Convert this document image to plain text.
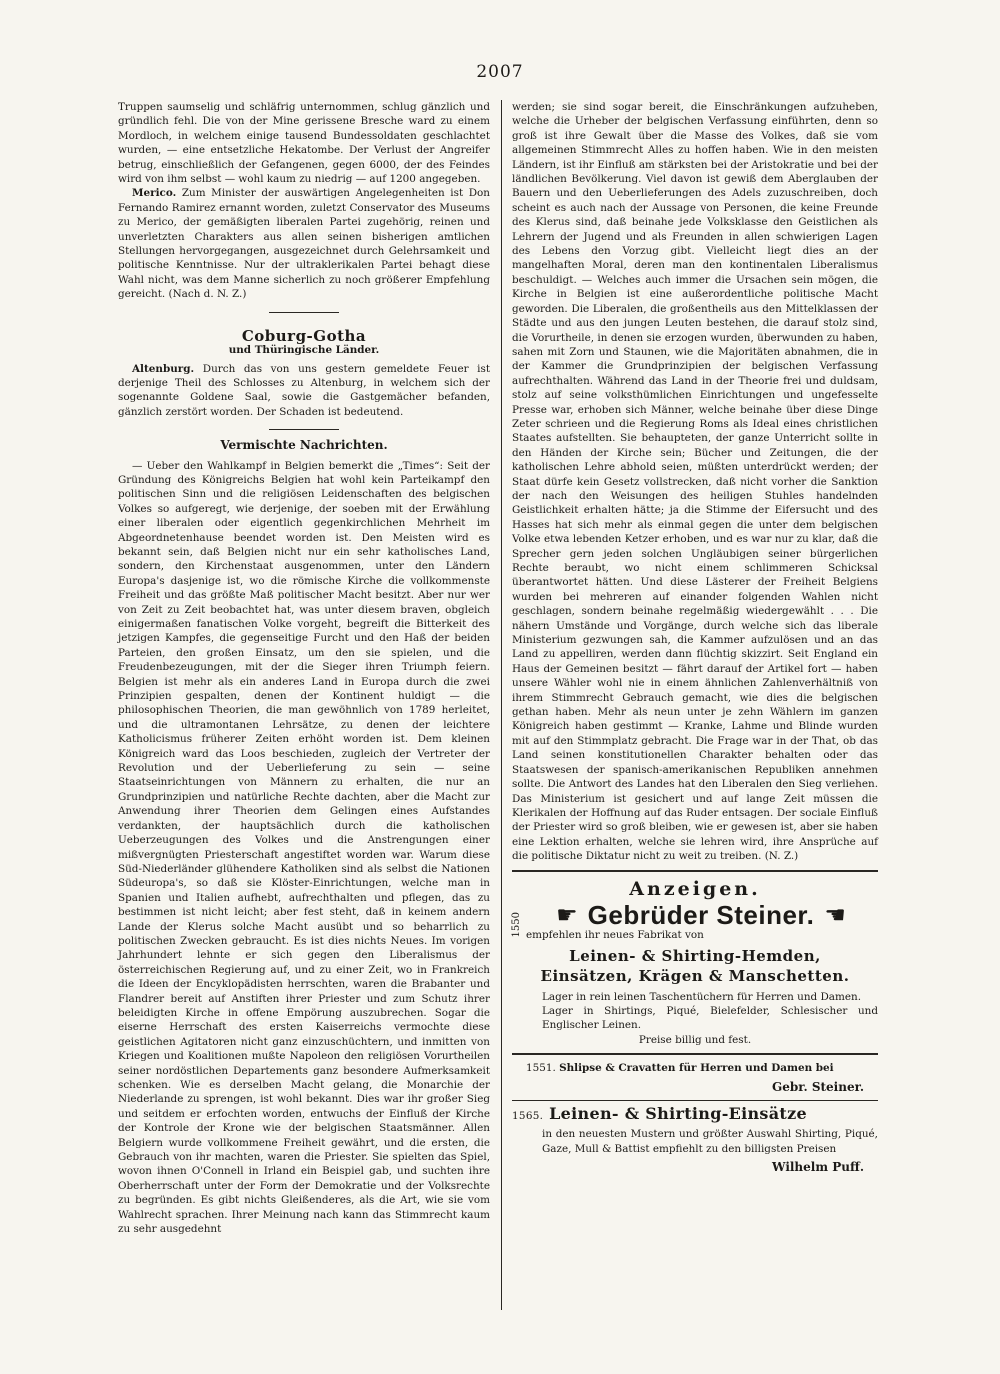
2007

Truppen saumselig und schläfrig unternommen, schlug gänzlich und gründlich fehl. Die von der Mine gerissene Bresche ward zu einem Mordloch, in welchem einige tausend Bundessoldaten geschlachtet wurden, — eine entsetzliche Hekatombe. Der Verlust der Angreifer betrug, einschließlich der Gefangenen, gegen 6000, der des Feindes wird von ihm selbst — wohl kaum zu niedrig — auf 1200 angegeben.

Merico. Zum Minister der auswärtigen Angelegenheiten ist Don Fernando Ramirez ernannt worden, zuletzt Conservator des Museums zu Merico, der gemäßigten liberalen Partei zugehörig, reinen und unverletzten Charakters aus allen seinen bisherigen amtlichen Stellungen hervorgegangen, ausgezeichnet durch Gelehrsamkeit und politische Kenntnisse. Nur der ultraklerikalen Partei behagt diese Wahl nicht, was dem Manne sicherlich zu noch größerer Empfehlung gereicht. (Nach d. N. Z.)

Coburg-Gotha
und Thüringische Länder.

Altenburg. Durch das von uns gestern gemeldete Feuer ist derjenige Theil des Schlosses zu Altenburg, in welchem sich der sogenannte Goldene Saal, sowie die Gastgemächer befanden, gänzlich zerstört worden. Der Schaden ist bedeutend.

Vermischte Nachrichten.

— Ueber den Wahlkampf in Belgien bemerkt die „Times“: Seit der Gründung des Königreichs Belgien hat wohl kein Parteikampf den politischen Sinn und die religiösen Leidenschaften des belgischen Volkes so aufgeregt, wie derjenige, der soeben mit der Erwählung einer liberalen oder eigentlich gegenkirchlichen Mehrheit im Abgeordnetenhause beendet worden ist. Den Meisten wird es bekannt sein, daß Belgien nicht nur ein sehr katholisches Land, sondern, den Kirchenstaat ausgenommen, unter den Ländern Europa's dasjenige ist, wo die römische Kirche die vollkommenste Freiheit und das größte Maß politischer Macht besitzt. Aber nur wer von Zeit zu Zeit beobachtet hat, was unter diesem braven, obgleich einigermaßen fanatischen Volke vorgeht, begreift die Bitterkeit des jetzigen Kampfes, die gegenseitige Furcht und den Haß der beiden Parteien, den großen Einsatz, um den sie spielen, und die Freudenbezeugungen, mit der die Sieger ihren Triumph feiern. Belgien ist mehr als ein anderes Land in Europa durch die zwei Prinzipien gespalten, denen der Kontinent huldigt — die philosophischen Theorien, die man gewöhnlich von 1789 herleitet, und die ultramontanen Lehrsätze, zu denen der leichtere Katholicismus früherer Zeiten erhöht worden ist. Dem kleinen Königreich ward das Loos beschieden, zugleich der Vertreter der Revolution und der Ueberlieferung zu sein — seine Staatseinrichtungen von Männern zu erhalten, die nur an Grundprinzipien und natürliche Rechte dachten, aber die Macht zur Anwendung ihrer Theorien dem Gelingen eines Aufstandes verdankten, der hauptsächlich durch die katholischen Ueberzeugungen des Volkes und die Anstrengungen einer mißvergnügten Priesterschaft angestiftet worden war. Warum diese Süd-Niederländer glühendere Katholiken sind als selbst die Nationen Südeuropa's, so daß sie Klöster-Einrichtungen, welche man in Spanien und Italien aufhebt, aufrechthalten und pflegen, das zu bestimmen ist nicht leicht; aber fest steht, daß in keinem andern Lande der Klerus solche Macht ausübt und so beharrlich zu politischen Zwecken gebraucht. Es ist dies nichts Neues. Im vorigen Jahrhundert lehnte er sich gegen den Liberalismus der österreichischen Regierung auf, und zu einer Zeit, wo in Frankreich die Ideen der Encyklopädisten herrschten, waren die Brabanter und Flandrer bereit auf Anstiften ihrer Priester und zum Schutz ihrer beleidigten Kirche in offene Empörung auszubrechen. Sogar die eiserne Herrschaft des ersten Kaiserreichs vermochte diese geistlichen Agitatoren nicht ganz einzuschüchtern, und inmitten von Kriegen und Koalitionen mußte Napoleon den religiösen Vorurtheilen seiner nordöstlichen Departements ganz besondere Aufmerksamkeit schenken. Wie es derselben Macht gelang, die Monarchie der Niederlande zu sprengen, ist wohl bekannt. Dies war ihr großer Sieg und seitdem er erfochten worden, entwuchs der Einfluß der Kirche der Kontrole der Krone wie der belgischen Staatsmänner. Allen Belgiern wurde vollkommene Freiheit gewährt, und die ersten, die Gebrauch von ihr machten, waren die Priester. Sie spielten das Spiel, wovon ihnen O'Connell in Irland ein Beispiel gab, und suchten ihre Oberherrschaft unter der Form der Demokratie und der Volksrechte zu begründen. Es gibt nichts Gleißenderes, als die Art, wie sie vom Wahlrecht sprachen. Ihrer Meinung nach kann das Stimmrecht kaum zu sehr ausgedehnt

werden; sie sind sogar bereit, die Einschränkungen aufzuheben, welche die Urheber der belgischen Verfassung einführten, denn so groß ist ihre Gewalt über die Masse des Volkes, daß sie vom allgemeinen Stimmrecht Alles zu hoffen haben. Wie in den meisten Ländern, ist ihr Einfluß am stärksten bei der Aristokratie und bei der ländlichen Bevölkerung. Viel davon ist gewiß dem Aberglauben der Bauern und den Ueberlieferungen des Adels zuzuschreiben, doch scheint es auch nach der Aussage von Personen, die keine Freunde des Klerus sind, daß beinahe jede Volksklasse den Geistlichen als Lehrern der Jugend und als Freunden in allen schwierigen Lagen des Lebens den Vorzug gibt. Vielleicht liegt dies an der mangelhaften Moral, deren man den kontinentalen Liberalismus beschuldigt. — Welches auch immer die Ursachen sein mögen, die Kirche in Belgien ist eine außerordentliche politische Macht geworden. Die Liberalen, die großentheils aus den Mittelklassen der Städte und aus den jungen Leuten bestehen, die darauf stolz sind, die Vorurtheile, in denen sie erzogen wurden, überwunden zu haben, sahen mit Zorn und Staunen, wie die Majoritäten abnahmen, die in der Kammer die Grundprinzipien der belgischen Verfassung aufrechthalten. Während das Land in der Theorie frei und duldsam, stolz auf seine volksthümlichen Einrichtungen und ungefesselte Presse war, erhoben sich Männer, welche beinahe über diese Dinge Zeter schrieen und die Regierung Roms als Ideal eines christlichen Staates aufstellten. Sie behaupteten, der ganze Unterricht sollte in den Händen der Kirche sein; Bücher und Zeitungen, die der katholischen Lehre abhold seien, müßten unterdrückt werden; der Staat dürfe kein Gesetz vollstrecken, daß nicht vorher die Sanktion der nach den Weisungen des heiligen Stuhles handelnden Geistlichkeit erhalten hätte; ja die Stimme der Eifersucht und des Hasses hat sich mehr als einmal gegen die unter dem belgischen Volke etwa lebenden Ketzer erhoben, und es war nur zu klar, daß die Sprecher gern jeden solchen Ungläubigen seiner bürgerlichen Rechte beraubt, wo nicht einem schlimmeren Schicksal überantwortet hätten. Und diese Lästerer der Freiheit Belgiens wurden bei mehreren auf einander folgenden Wahlen nicht geschlagen, sondern beinahe regelmäßig wiedergewählt . . . Die nähern Umstände und Vorgänge, durch welche sich das liberale Ministerium gezwungen sah, die Kammer aufzulösen und an das Land zu appelliren, werden dann flüchtig skizzirt. Seit England ein Haus der Gemeinen besitzt — fährt darauf der Artikel fort — haben unsere Wähler wohl nie in einem ähnlichen Zahlenverhältniß von ihrem Stimmrecht Gebrauch gemacht, wie dies die belgischen gethan haben. Mehr als neun unter je zehn Wählern im ganzen Königreich haben gestimmt — Kranke, Lahme und Blinde wurden mit auf den Stimmplatz gebracht. Die Frage war in der That, ob das Land seinen konstitutionellen Charakter behalten oder das Staatswesen der spanisch-amerikanischen Republiken annehmen sollte. Die Antwort des Landes hat den Liberalen den Sieg verliehen. Das Ministerium ist gesichert und auf lange Zeit müssen die Klerikalen der Hoffnung auf das Ruder entsagen. Der sociale Einfluß der Priester wird so groß bleiben, wie er gewesen ist, aber sie haben eine Lektion erhalten, welche sie lehren wird, ihre Ansprüche auf die politische Diktatur nicht zu weit zu treiben. (N. Z.)

Anzeigen.
1550 ☛ Gebrüder Steiner. ☚
empfehlen ihr neues Fabrikat von
Leinen- & Shirting-Hemden,
Einsätzen, Krägen & Manschetten.
Lager in rein leinen Taschentüchern für Herren und Damen.
Lager in Shirtings, Piqué, Bielefelder, Schlesischer und Englischer Leinen.
Preise billig und fest.
1551. Shlipse & Cravatten für Herren und Damen bei
Gebr. Steiner.
1565. Leinen- & Shirting-Einsätze
in den neuesten Mustern und größter Auswahl Shirting, Piqué, Gaze, Mull & Battist empfiehlt zu den billigsten Preisen
Wilhelm Puff.
